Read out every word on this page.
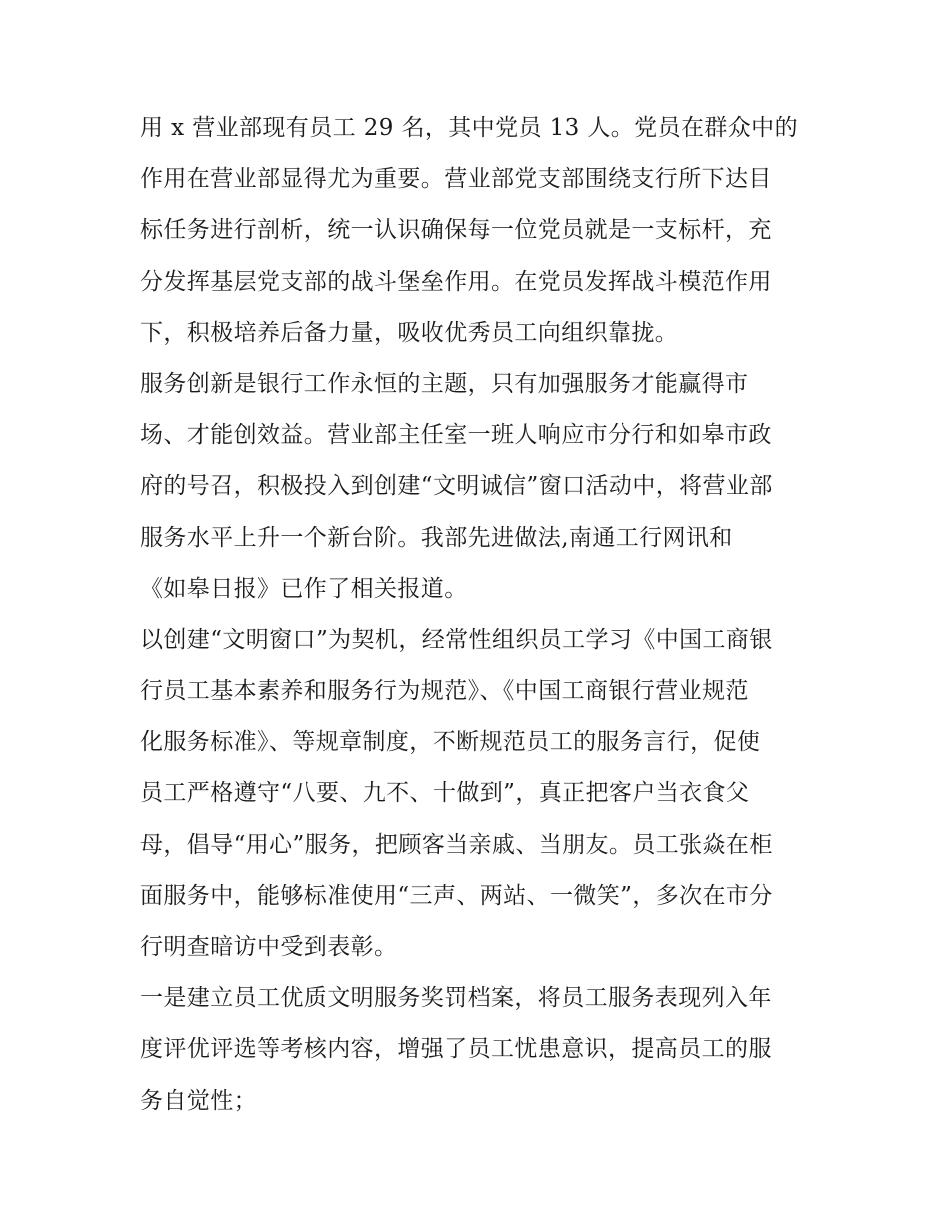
用 x 营业部现有员工 29 名，其中党员 13 人。党员在群众中的
作用在营业部显得尤为重要。营业部党支部围绕支行所下达目
标任务进行剖析，统一认识确保每一位党员就是一支标杆，充
分发挥基层党支部的战斗堡垒作用。在党员发挥战斗模范作用
下，积极培养后备力量，吸收优秀员工向组织靠拢。
服务创新是银行工作永恒的主题，只有加强服务才能赢得市
场、才能创效益。营业部主任室一班人响应市分行和如皋市政
府的号召，积极投入到创建“文明诚信”窗口活动中，将营业部
服务水平上升一个新台阶。我部先进做法,南通工行网讯和
《如皋日报》已作了相关报道。
以创建“文明窗口”为契机，经常性组织员工学习《中国工商银
行员工基本素养和服务行为规范》、《中国工商银行营业规范
化服务标准》、等规章制度，不断规范员工的服务言行，促使
员工严格遵守“八要、九不、十做到”，真正把客户当衣食父
母，倡导“用心”服务，把顾客当亲戚、当朋友。员工张焱在柜
面服务中，能够标准使用“三声、两站、一微笑”，多次在市分
行明查暗访中受到表彰。
一是建立员工优质文明服务奖罚档案，将员工服务表现列入年
度评优评选等考核内容，增强了员工忧患意识，提高员工的服
务自觉性；
